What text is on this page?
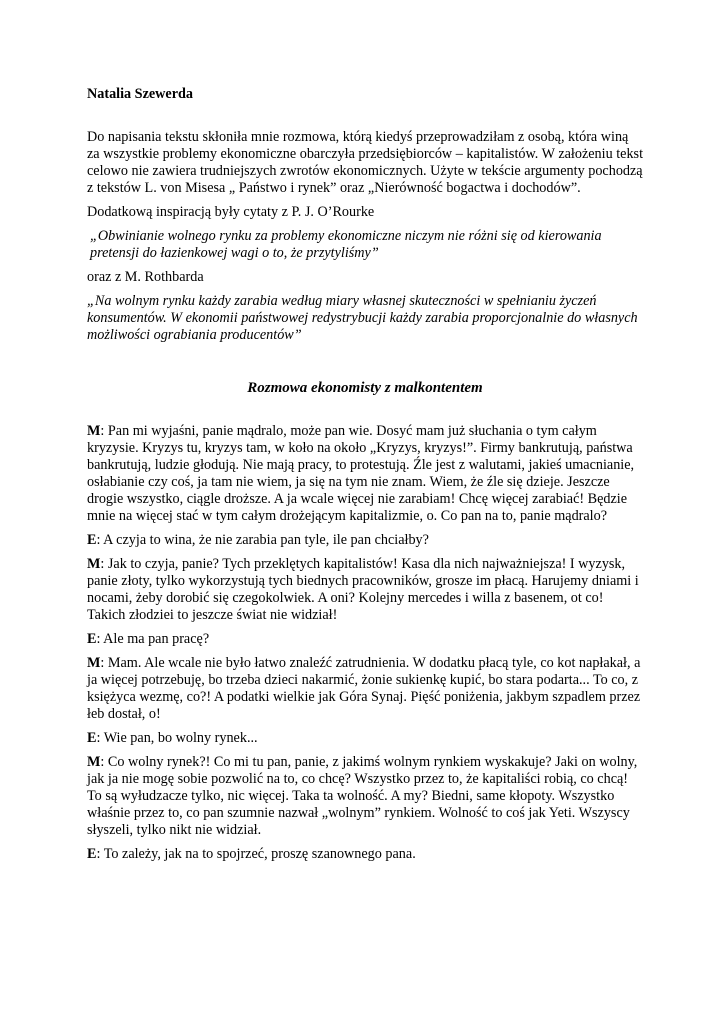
Natalia Szewerda

Do napisania tekstu skłoniła mnie rozmowa, którą kiedyś przeprowadziłam z osobą, która winą za wszystkie problemy ekonomiczne obarczyła przedsiębiorców – kapitalistów. W założeniu tekst celowo nie zawiera trudniejszych zwrotów ekonomicznych. Użyte w tekście argumenty pochodzą z tekstów L. von Misesa „ Państwo i rynek” oraz „Nierówność bogactwa i dochodów”.

Dodatkową inspiracją były cytaty z P. J. O’Rourke

„Obwinianie wolnego rynku za problemy ekonomiczne niczym nie różni się od kierowania pretensji do łazienkowej wagi o to, że przytyliśmy”

oraz z M. Rothbarda

„Na wolnym rynku każdy zarabia według miary własnej skuteczności w spełnianiu życzeń konsumentów. W ekonomii państwowej redystrybucji każdy zarabia proporcjonalnie do własnych możliwości ograbiania producentów”

Rozmowa ekonomisty z malkontentem

M: Pan mi wyjaśni, panie mądralo, może pan wie. Dosyć mam już słuchania o tym całym kryzysie. Kryzys tu, kryzys tam, w koło na około „Kryzys, kryzys!”. Firmy bankrutują, państwa bankrutują, ludzie głodują. Nie mają pracy, to protestują. Źle jest z walutami, jakieś umacnianie, osłabianie czy coś, ja tam nie wiem, ja się na tym nie znam. Wiem, że źle się dzieje. Jeszcze drogie wszystko, ciągle droższe. A ja wcale więcej nie zarabiam! Chcę więcej zarabiać! Będzie mnie na więcej stać w tym całym drożejącym kapitalizmie, o. Co pan na to, panie mądralo?

E: A czyja to wina, że nie zarabia pan tyle, ile pan chciałby?

M: Jak to czyja, panie? Tych przeklętych kapitalistów! Kasa dla nich najważniejsza! I wyzysk, panie złoty, tylko wykorzystują tych biednych pracowników, grosze im płacą. Harujemy dniami i nocami, żeby dorobić się czegokolwiek. A oni? Kolejny mercedes i willa z basenem, ot co! Takich złodziei to jeszcze świat nie widział!

E: Ale ma pan pracę?

M: Mam. Ale wcale nie było łatwo znaleźć zatrudnienia. W dodatku płacą tyle, co kot napłakał, a ja więcej potrzebuję, bo trzeba dzieci nakarmić, żonie sukienkę kupić, bo stara podarta... To co, z księżyca wezmę, co?! A podatki wielkie jak Góra Synaj. Pięść poniżenia, jakbym szpadlem przez łeb dostał, o!

E: Wie pan, bo wolny rynek...

M: Co wolny rynek?! Co mi tu pan, panie, z jakimś wolnym rynkiem wyskakuje? Jaki on wolny, jak ja nie mogę sobie pozwolić na to, co chcę? Wszystko przez to, że kapitaliści robią, co chcą! To są wyłudzacze tylko, nic więcej. Taka ta wolność. A my? Biedni, same kłopoty. Wszystko właśnie przez to, co pan szumnie nazwał „wolnym” rynkiem. Wolność to coś jak Yeti. Wszyscy słyszeli, tylko nikt nie widział.

E: To zależy, jak na to spojrzeć, proszę szanownego pana.
